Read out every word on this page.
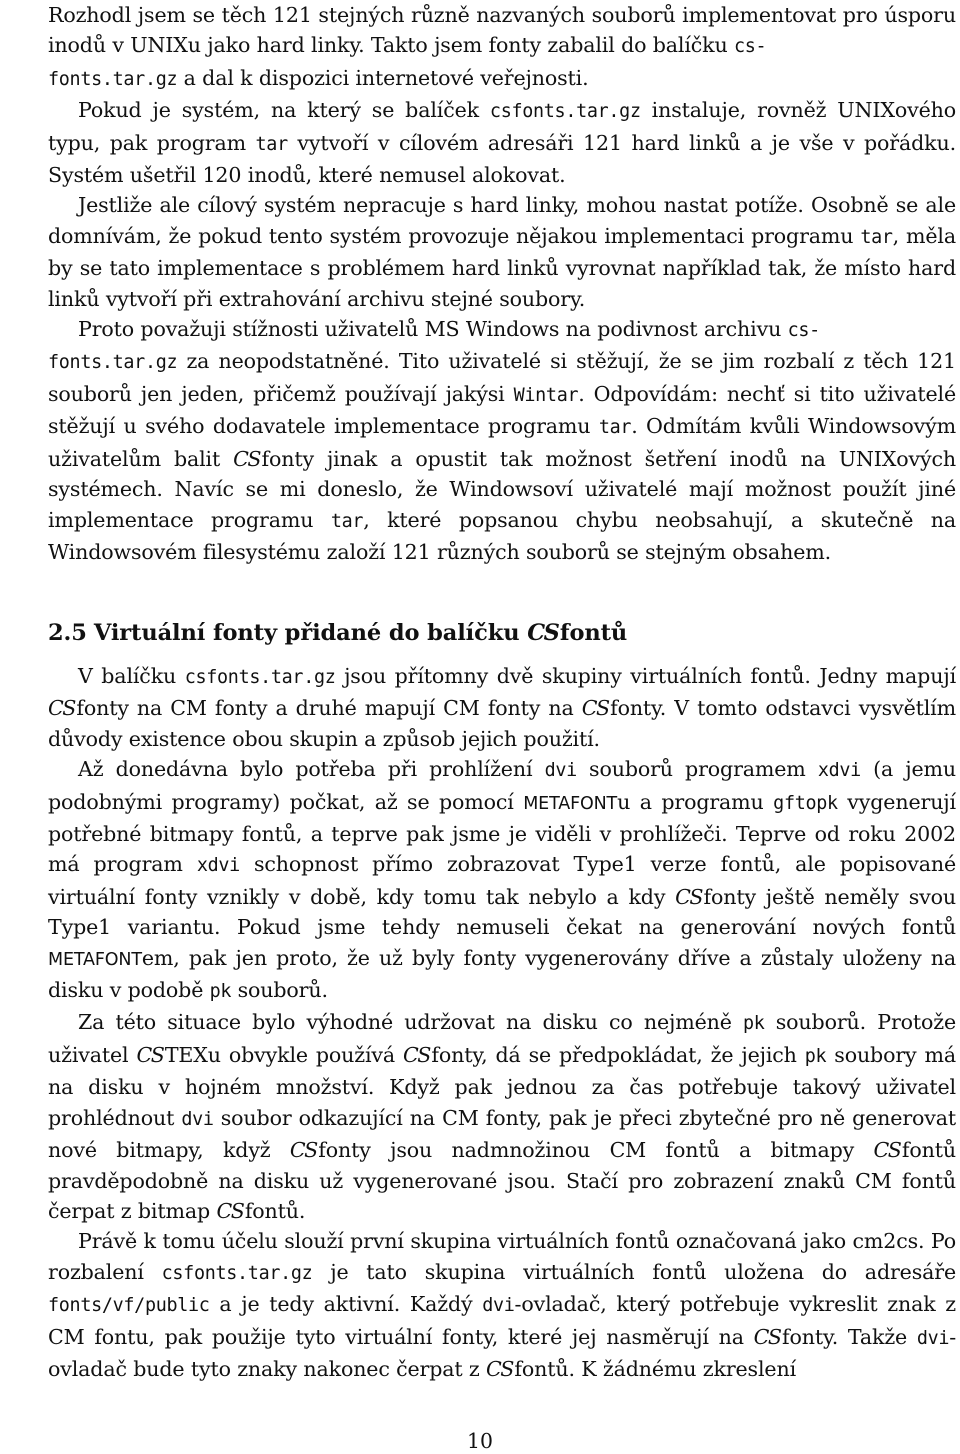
Rozhodl jsem se těch 121 stejných různě nazvaných souborů implementovat pro úsporu inodů v UNIXu jako hard linky. Takto jsem fonty zabalil do balíčku cs-
fonts.tar.gz a dal k dispozici internetové veřejnosti.

Pokud je systém, na který se balíček csfonts.tar.gz instaluje, rovněž UNIXového typu, pak program tar vytvoří v cílovém adresáři 121 hard linků a je vše v pořádku. Systém ušetřil 120 inodů, které nemusel alokovat.

Jestliže ale cílový systém nepracuje s hard linky, mohou nastat potíže. Osobně se ale domnívám, že pokud tento systém provozuje nějakou implementaci programu tar, měla by se tato implementace s problémem hard linků vyrovnat například tak, že místo hard linků vytvoří při extrahování archivu stejné soubory.

Proto považuji stížnosti uživatelů MS Windows na podivnost archivu cs-
fonts.tar.gz za neopodstatněné. Tito uživatelé si stěžují, že se jim rozbalí z těch 121 souborů jen jeden, přičemž používají jakýsi Wintar. Odpovídám: nechť si tito uživatelé stěžují u svého dodavatele implementace programu tar. Odmítám kvůli Windowsovým uživatelům balit CSfonty jinak a opustit tak možnost šetření inodů na UNIXových systémech. Navíc se mi doneslo, že Windowsoví uživatelé mají možnost použít jiné implementace programu tar, které popsanou chybu neobsahují, a skutečně na Windowsovém filesystému založí 121 různých souborů se stejným obsahem.

2.5 Virtuální fonty přidané do balíčku CSfontů

V balíčku csfonts.tar.gz jsou přítomny dvě skupiny virtuálních fontů. Jedny mapují CSfonty na CM fonty a druhé mapují CM fonty na CSfonty. V tomto odstavci vysvětlím důvody existence obou skupin a způsob jejich použití.

Až donedávna bylo potřeba při prohlížení dvi souborů programem xdvi (a jemu podobnými programy) počkat, až se pomocí METAFONTu a programu gftopk vygenerují potřebné bitmapy fontů, a teprve pak jsme je viděli v prohlížeči. Teprve od roku 2002 má program xdvi schopnost přímo zobrazovat Type1 verze fontů, ale popisované virtuální fonty vznikly v době, kdy tomu tak nebylo a kdy CSfonty ještě neměly svou Type1 variantu. Pokud jsme tehdy nemuseli čekat na generování nových fontů METAFONTem, pak jen proto, že už byly fonty vygenerovány dříve a zůstaly uloženy na disku v podobě pk souborů.

Za této situace bylo výhodné udržovat na disku co nejméně pk souborů. Protože uživatel CSTEXu obvykle používá CSfonty, dá se předpokládat, že jejich pk soubory má na disku v hojném množství. Když pak jednou za čas potřebuje takový uživatel prohlédnout dvi soubor odkazující na CM fonty, pak je přeci zbytečné pro ně generovat nové bitmapy, když CSfonty jsou nadmnožinou CM fontů a bitmapy CSfontů pravděpodobně na disku už vygenerované jsou. Stačí pro zobrazení znaků CM fontů čerpat z bitmap CSfontů.

Právě k tomu účelu slouží první skupina virtuálních fontů označovaná jako cm2cs. Po rozbalení csfonts.tar.gz je tato skupina virtuálních fontů uložena do adresáře fonts/vf/public a je tedy aktivní. Každý dvi-ovladač, který potřebuje vykreslit znak z CM fontu, pak použije tyto virtuální fonty, které jej nasměrují na CSfonty. Takže dvi-ovladač bude tyto znaky nakonec čerpat z CSfontů. K žádnému zkreslení

10
